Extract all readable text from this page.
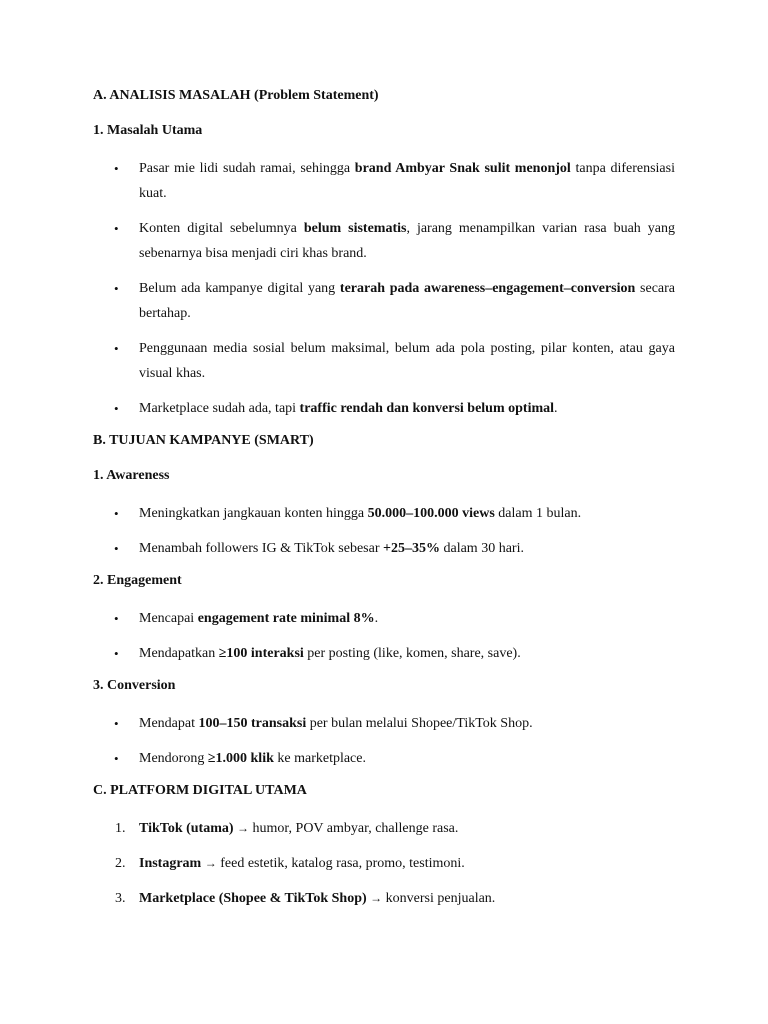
A. ANALISIS MASALAH (Problem Statement)
1. Masalah Utama
• Pasar mie lidi sudah ramai, sehingga brand Ambyar Snak sulit menonjol tanpa diferensiasi kuat.
• Konten digital sebelumnya belum sistematis, jarang menampilkan varian rasa buah yang sebenarnya bisa menjadi ciri khas brand.
• Belum ada kampanye digital yang terarah pada awareness–engagement–conversion secara bertahap.
• Penggunaan media sosial belum maksimal, belum ada pola posting, pilar konten, atau gaya visual khas.
• Marketplace sudah ada, tapi traffic rendah dan konversi belum optimal.
B. TUJUAN KAMPANYE (SMART)
1. Awareness
• Meningkatkan jangkauan konten hingga 50.000–100.000 views dalam 1 bulan.
• Menambah followers IG & TikTok sebesar +25–35% dalam 30 hari.
2. Engagement
• Mencapai engagement rate minimal 8%.
• Mendapatkan ≥100 interaksi per posting (like, komen, share, save).
3. Conversion
• Mendapat 100–150 transaksi per bulan melalui Shopee/TikTok Shop.
• Mendorong ≥1.000 klik ke marketplace.
C. PLATFORM DIGITAL UTAMA
1. TikTok (utama) → humor, POV ambyar, challenge rasa.
2. Instagram → feed estetik, katalog rasa, promo, testimoni.
3. Marketplace (Shopee & TikTok Shop) → konversi penjualan.
